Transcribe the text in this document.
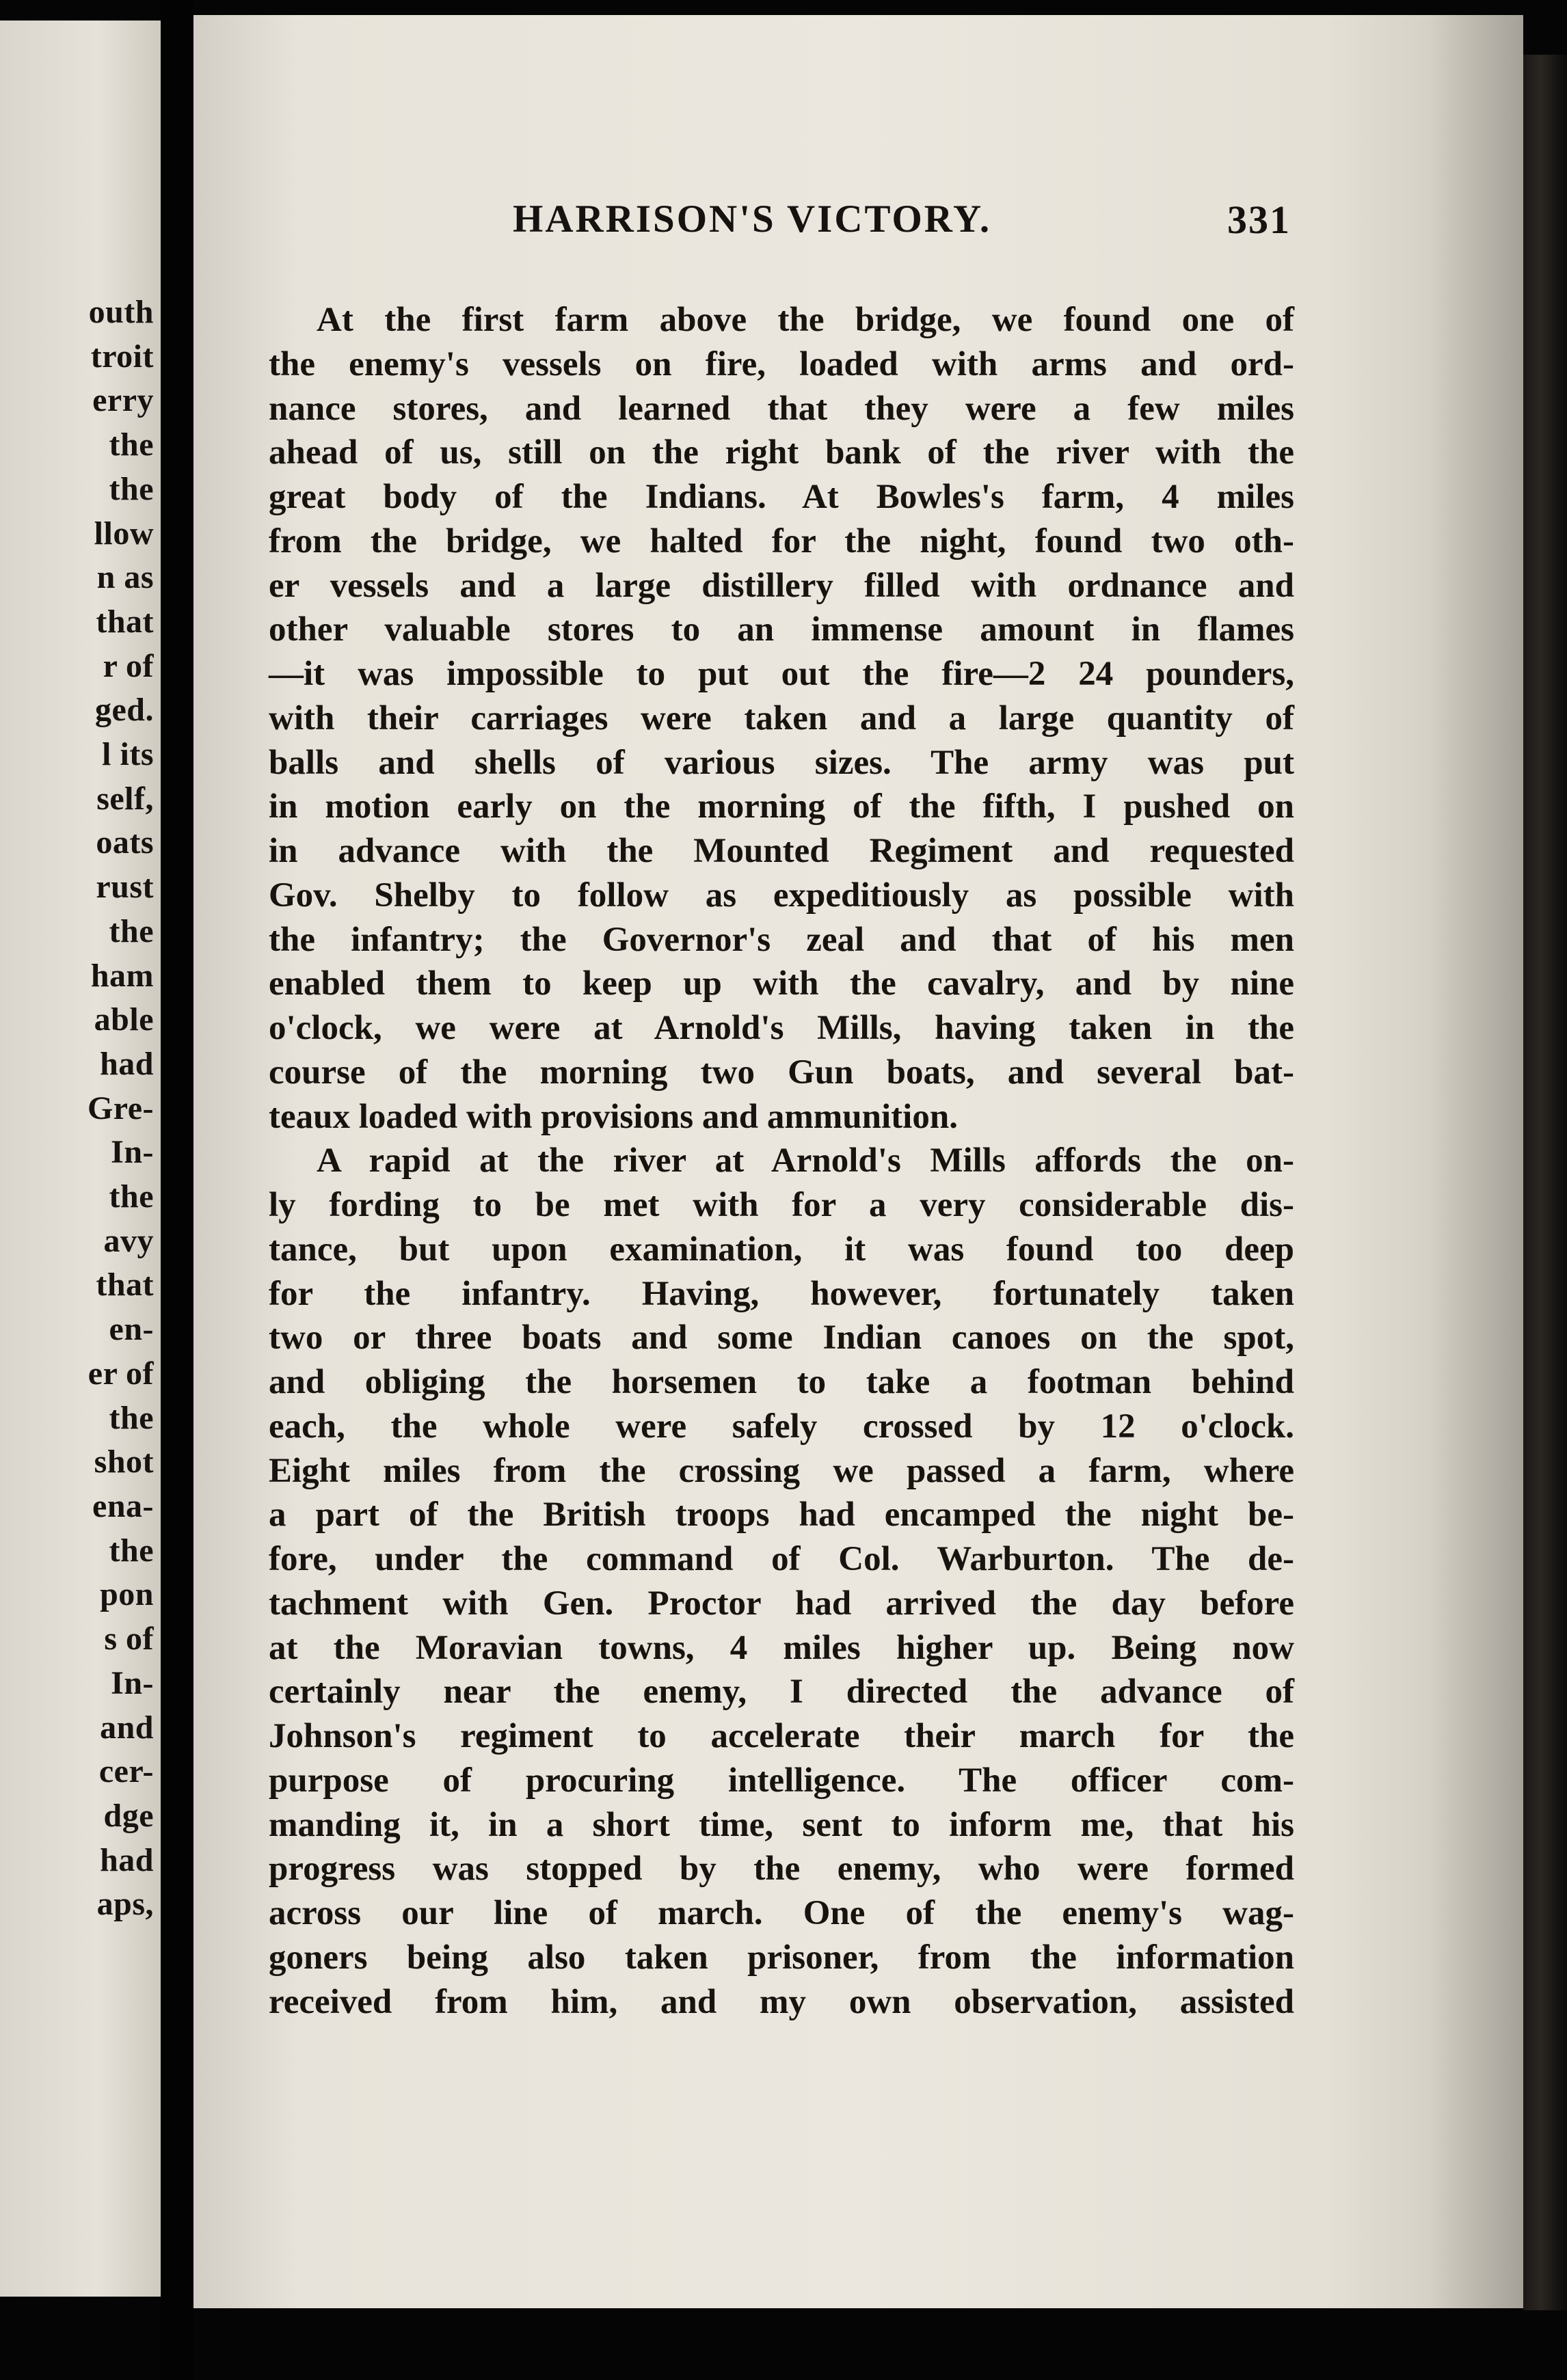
outh
troit
erry
the
the
llow
n as
that
r of
ged.
l its
self,
oats
rust
the
ham
able
had
Gre-
In-
the
avy
that
en-
er of
the
shot
ena-
the
pon
s of
In-
and
cer-
dge
had
aps,
HARRISON'S VICTORY.	331
At the first farm above the bridge, we found one of
the enemy's vessels on fire, loaded with arms and ord-
nance stores, and learned that they were a few miles
ahead of us, still on the right bank of the river with the
great body of the Indians. At Bowles's farm, 4 miles
from the bridge, we halted for the night, found two oth-
er vessels and a large distillery filled with ordnance and
other valuable stores to an immense amount in flames
—it was impossible to put out the fire—2 24 pounders,
with their carriages were taken and a large quantity of
balls and shells of various sizes. The army was put
in motion early on the morning of the fifth, I pushed on
in advance with the Mounted Regiment and requested
Gov. Shelby to follow as expeditiously as possible with
the infantry; the Governor's zeal and that of his men
enabled them to keep up with the cavalry, and by nine
o'clock, we were at Arnold's Mills, having taken in the
course of the morning two Gun boats, and several bat-
teaux loaded with provisions and ammunition.
A rapid at the river at Arnold's Mills affords the on-
ly fording to be met with for a very considerable dis-
tance, but upon examination, it was found too deep
for the infantry. Having, however, fortunately taken
two or three boats and some Indian canoes on the spot,
and obliging the horsemen to take a footman behind
each, the whole were safely crossed by 12 o'clock.
Eight miles from the crossing we passed a farm, where
a part of the British troops had encamped the night be-
fore, under the command of Col. Warburton. The de-
tachment with Gen. Proctor had arrived the day before
at the Moravian towns, 4 miles higher up. Being now
certainly near the enemy, I directed the advance of
Johnson's regiment to accelerate their march for the
purpose of procuring intelligence. The officer com-
manding it, in a short time, sent to inform me, that his
progress was stopped by the enemy, who were formed
across our line of march. One of the enemy's wag-
goners being also taken prisoner, from the information
received from him, and my own observation, assisted
